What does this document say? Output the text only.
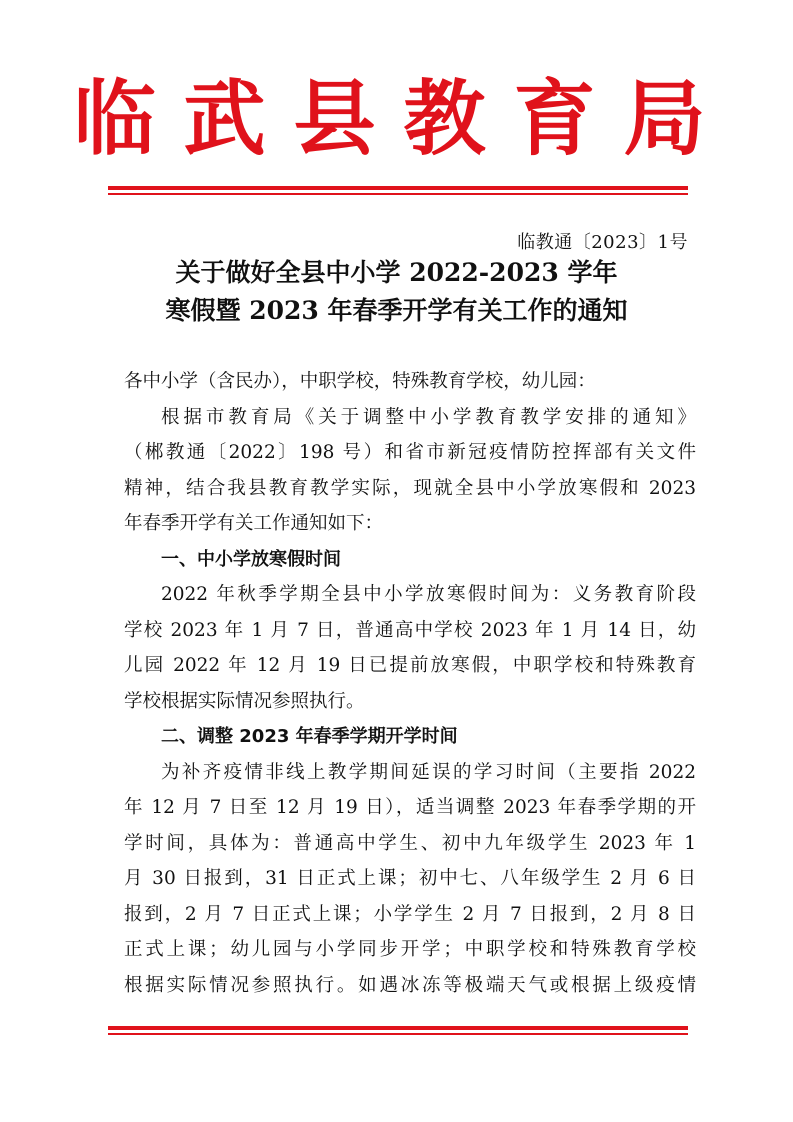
临武县教育局
临教通〔2023〕1号
关于做好全县中小学 2022-2023 学年
寒假暨 2023 年春季开学有关工作的通知
各中小学（含民办），中职学校，特殊教育学校，幼儿园：
根据市教育局《关于调整中小学教育教学安排的通知》
（郴教通〔2022〕198 号）和省市新冠疫情防控挥部有关文件
精神，结合我县教育教学实际，现就全县中小学放寒假和 2023
年春季开学有关工作通知如下：
一、中小学放寒假时间
2022 年秋季学期全县中小学放寒假时间为：义务教育阶段
学校 2023 年 1 月 7 日，普通高中学校 2023 年 1 月 14 日，幼
儿园 2022 年 12 月 19 日已提前放寒假，中职学校和特殊教育
学校根据实际情况参照执行。
二、调整 2023 年春季学期开学时间
为补齐疫情非线上教学期间延误的学习时间（主要指 2022
年 12 月 7 日至 12 月 19 日），适当调整 2023 年春季学期的开
学时间，具体为：普通高中学生、初中九年级学生 2023 年 1
月 30 日报到，31 日正式上课；初中七、八年级学生 2 月 6 日
报到，2 月 7 日正式上课；小学学生 2 月 7 日报到，2 月 8 日
正式上课；幼儿园与小学同步开学；中职学校和特殊教育学校
根据实际情况参照执行。如遇冰冻等极端天气或根据上级疫情
